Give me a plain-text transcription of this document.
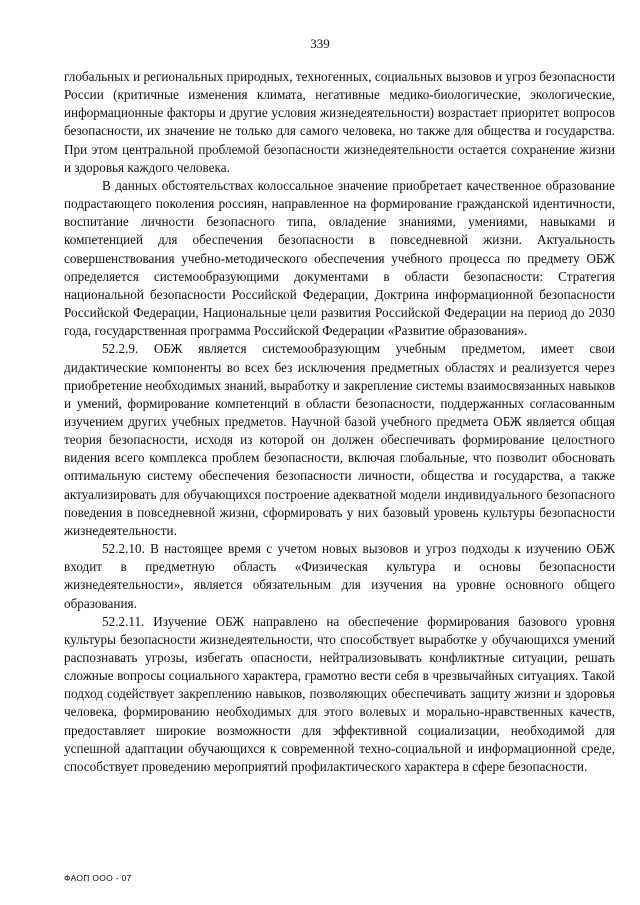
339

глобальных и региональных природных, техногенных, социальных вызовов и угроз безопасности России (критичные изменения климата, негативные медико-биологические, экологические, информационные факторы и другие условия жизнедеятельности) возрастает приоритет вопросов безопасности, их значение не только для самого человека, но также для общества и государства. При этом центральной проблемой безопасности жизнедеятельности остается сохранение жизни и здоровья каждого человека.

В данных обстоятельствах колоссальное значение приобретает качественное образование подрастающего поколения россиян, направленное на формирование гражданской идентичности, воспитание личности безопасного типа, овладение знаниями, умениями, навыками и компетенцией для обеспечения безопасности в повседневной жизни. Актуальность совершенствования учебно-методического обеспечения учебного процесса по предмету ОБЖ определяется системообразующими документами в области безопасности: Стратегия национальной безопасности Российской Федерации, Доктрина информационной безопасности Российской Федерации, Национальные цели развития Российской Федерации на период до 2030 года, государственная программа Российской Федерации «Развитие образования».

52.2.9. ОБЖ является системообразующим учебным предметом, имеет свои дидактические компоненты во всех без исключения предметных областях и реализуется через приобретение необходимых знаний, выработку и закрепление системы взаимосвязанных навыков и умений, формирование компетенций в области безопасности, поддержанных согласованным изучением других учебных предметов. Научной базой учебного предмета ОБЖ является общая теория безопасности, исходя из которой он должен обеспечивать формирование целостного видения всего комплекса проблем безопасности, включая глобальные, что позволит обосновать оптимальную систему обеспечения безопасности личности, общества и государства, а также актуализировать для обучающихся построение адекватной модели индивидуального безопасного поведения в повседневной жизни, сформировать у них базовый уровень культуры безопасности жизнедеятельности.

52.2.10. В настоящее время с учетом новых вызовов и угроз подходы к изучению ОБЖ входит в предметную область «Физическая культура и основы безопасности жизнедеятельности», является обязательным для изучения на уровне основного общего образования.

52.2.11. Изучение ОБЖ направлено на обеспечение формирования базового уровня культуры безопасности жизнедеятельности, что способствует выработке у обучающихся умений распознавать угрозы, избегать опасности, нейтрализовывать конфликтные ситуации, решать сложные вопросы социального характера, грамотно вести себя в чрезвычайных ситуациях. Такой подход содействует закреплению навыков, позволяющих обеспечивать защиту жизни и здоровья человека, формированию необходимых для этого волевых и морально-нравственных качеств, предоставляет широкие возможности для эффективной социализации, необходимой для успешной адаптации обучающихся к современной техно-социальной и информационной среде, способствует проведению мероприятий профилактического характера в сфере безопасности.

ФАОП ООО - 07
